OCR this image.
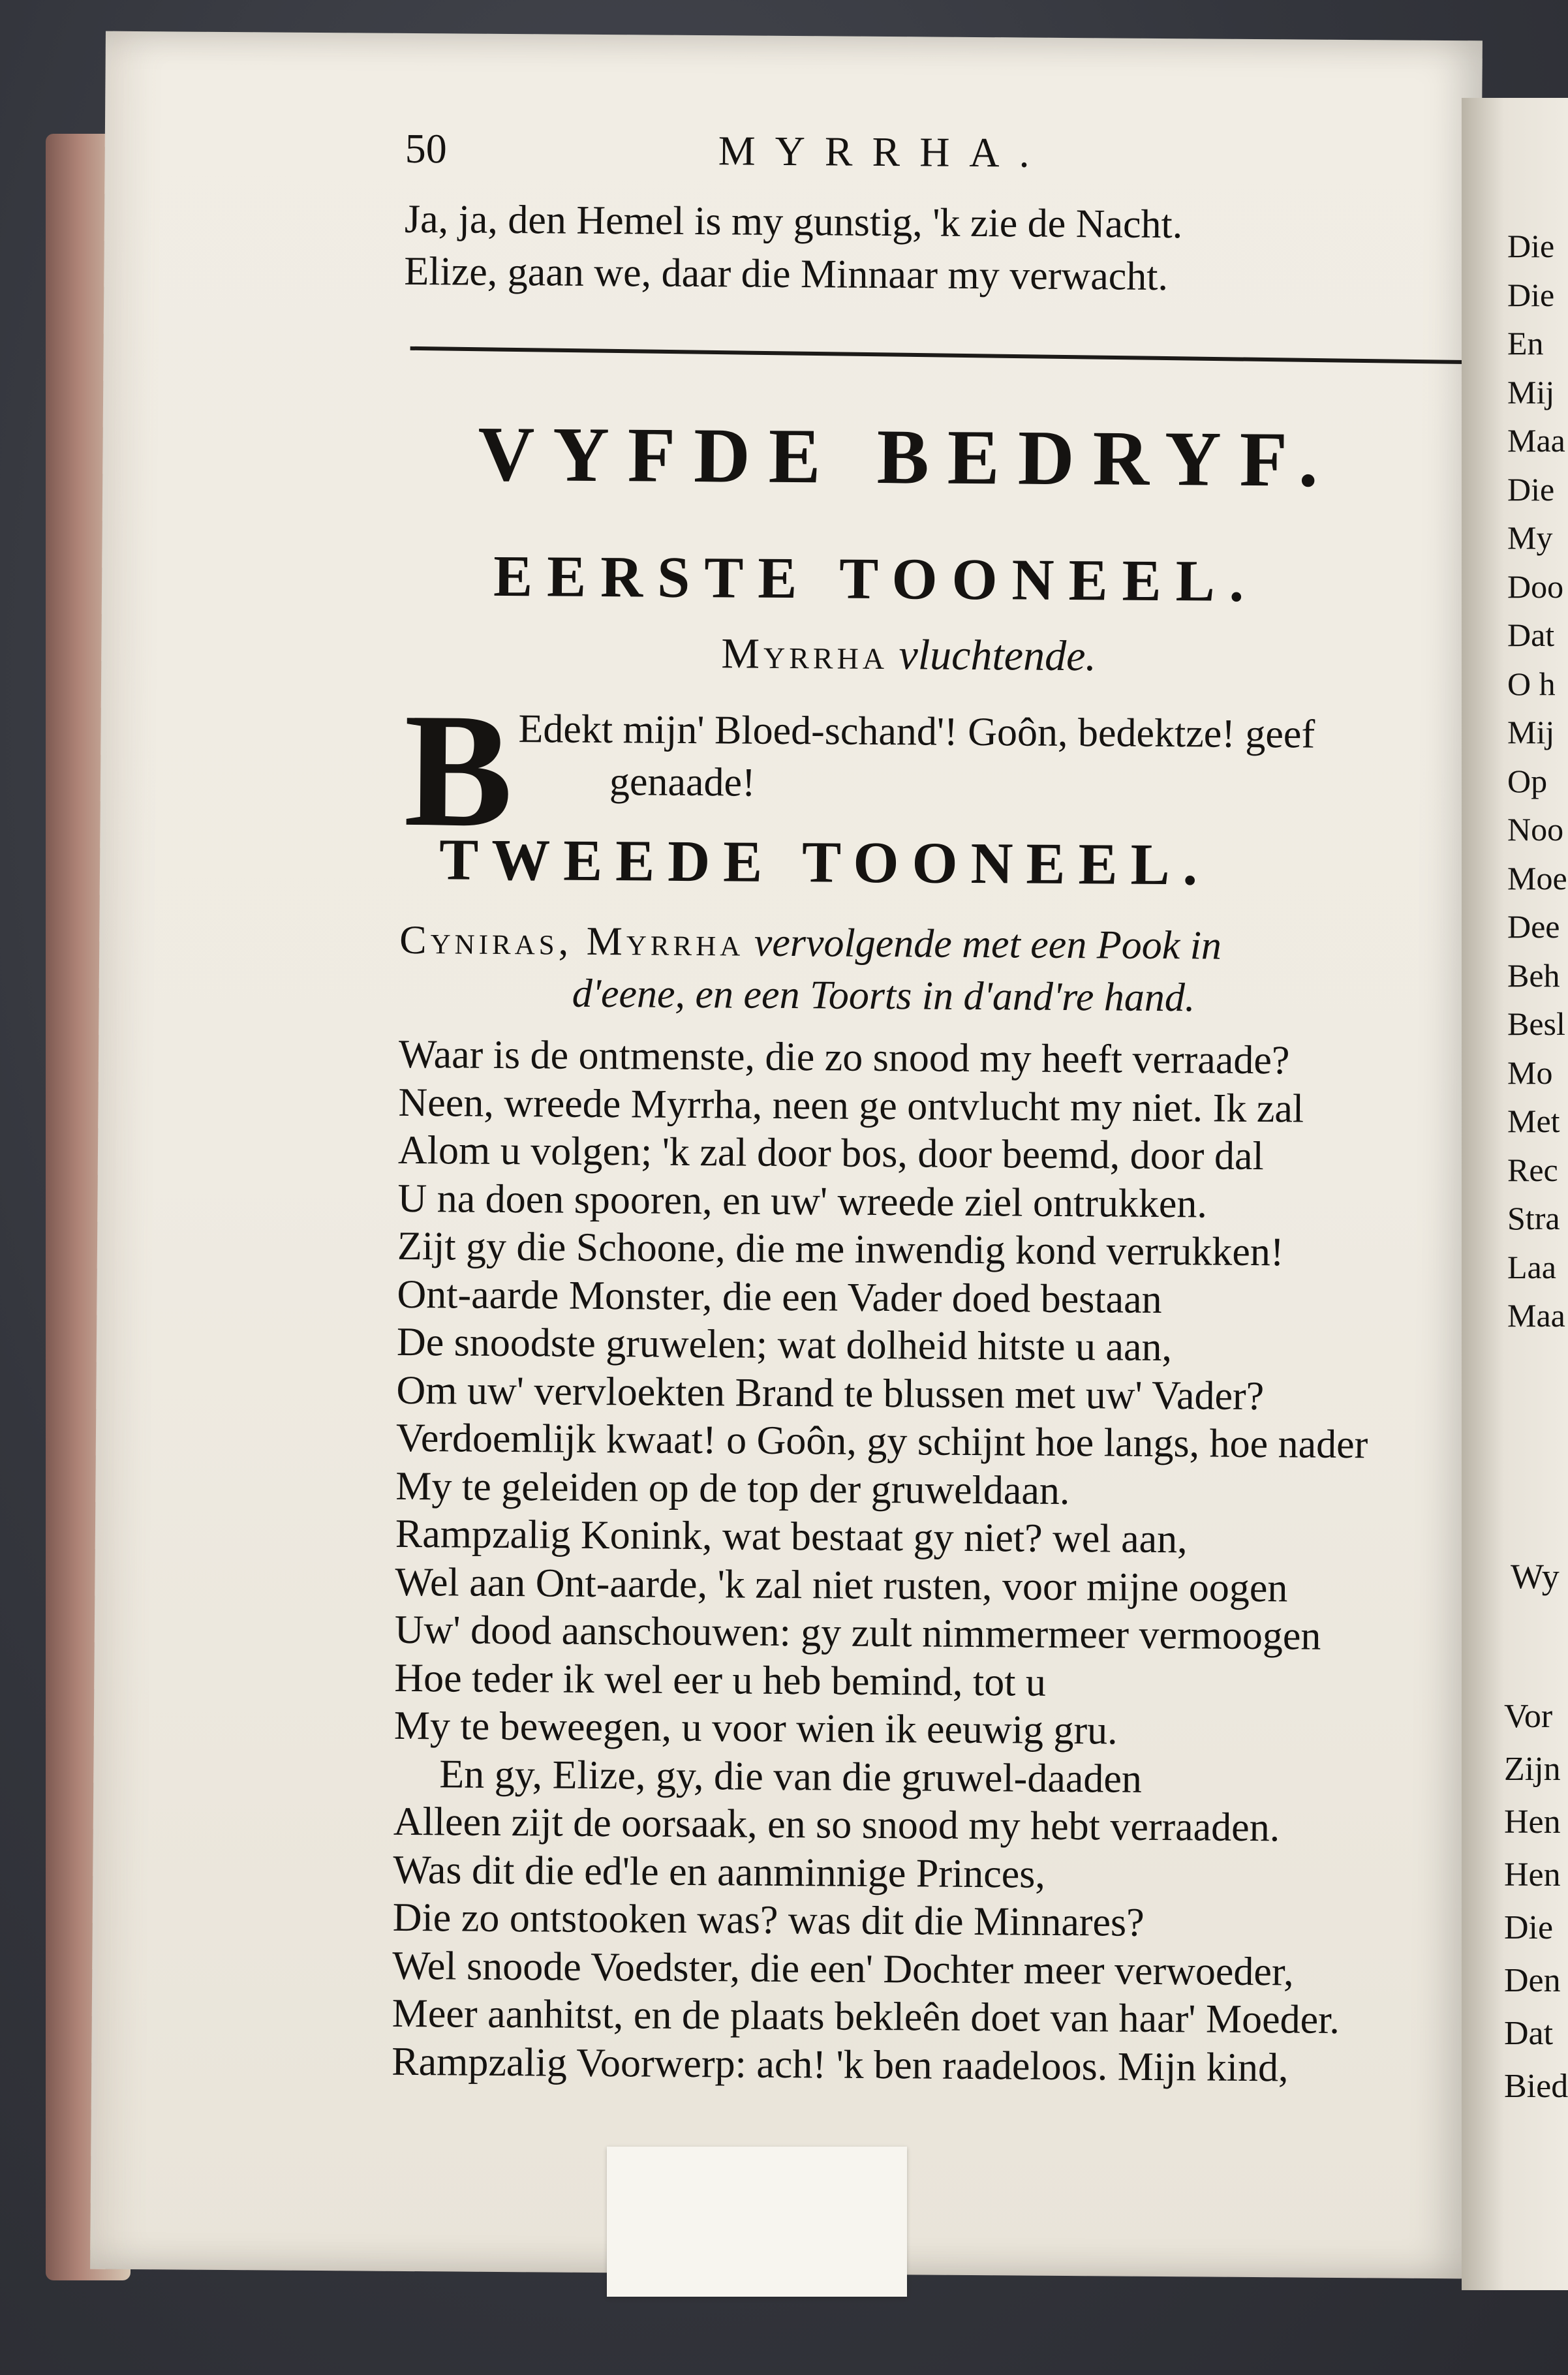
50	MYRRHA.
Ja, ja, den Hemel is my gunstig, 'k zie de Nacht.
Elize, gaan we, daar die Minnaar my verwacht.
VYFDE BEDRYF.
EERSTE TOONEEL.
Myrrha vluchtende.
B Edekt mijn' Bloed-schand'! Goôn, bedektze! geef
genaade!
TWEEDE TOONEEL.
Cyniras, Myrrha vervolgende met een Pook in
d'eene, en een Toorts in d'and're hand.
Waar is de ontmenste, die zo snood my heeft verraade?
Neen, wreede Myrrha, neen ge ontvlucht my niet. Ik zal
Alom u volgen; 'k zal door bos, door beemd, door dal
U na doen spooren, en uw' wreede ziel ontrukken.
Zijt gy die Schoone, die me inwendig kond verrukken!
Ont-aarde Monster, die een Vader doed bestaan
De snoodste gruwelen; wat dolheid hitste u aan,
Om uw' vervloekten Brand te blussen met uw' Vader?
Verdoemlijk kwaat! o Goôn, gy schijnt hoe langs, hoe nader
My te geleiden op de top der gruweldaan.
Rampzalig Konink, wat bestaat gy niet? wel aan,
Wel aan Ont-aarde, 'k zal niet rusten, voor mijne oogen
Uw' dood aanschouwen: gy zult nimmermeer vermoogen
Hoe teder ik wel eer u heb bemind, tot u
My te beweegen, u voor wien ik eeuwig gru.
En gy, Elize, gy, die van die gruwel-daaden
Alleen zijt de oorsaak, en so snood my hebt verraaden.
Was dit die ed'le en aanminnige Princes,
Die zo ontstooken was? was dit die Minnares?
Wel snoode Voedster, die een' Dochter meer verwoeder,
Meer aanhitst, en de plaats bekleên doet van haar' Moeder.
Rampzalig Voorwerp: ach! 'k ben raadeloos. Mijn kind,
Die
Die
En
Mij
Maa
Die
My
Doo
Dat
O h
Mij
Op
Noo
Moe
Dee
Beh
Besl
Mo
Met
Rec
Stra
Laa
Maa
Wy
Vor
Zijn
Hen
Hen
Die
Den
Dat
Bied
